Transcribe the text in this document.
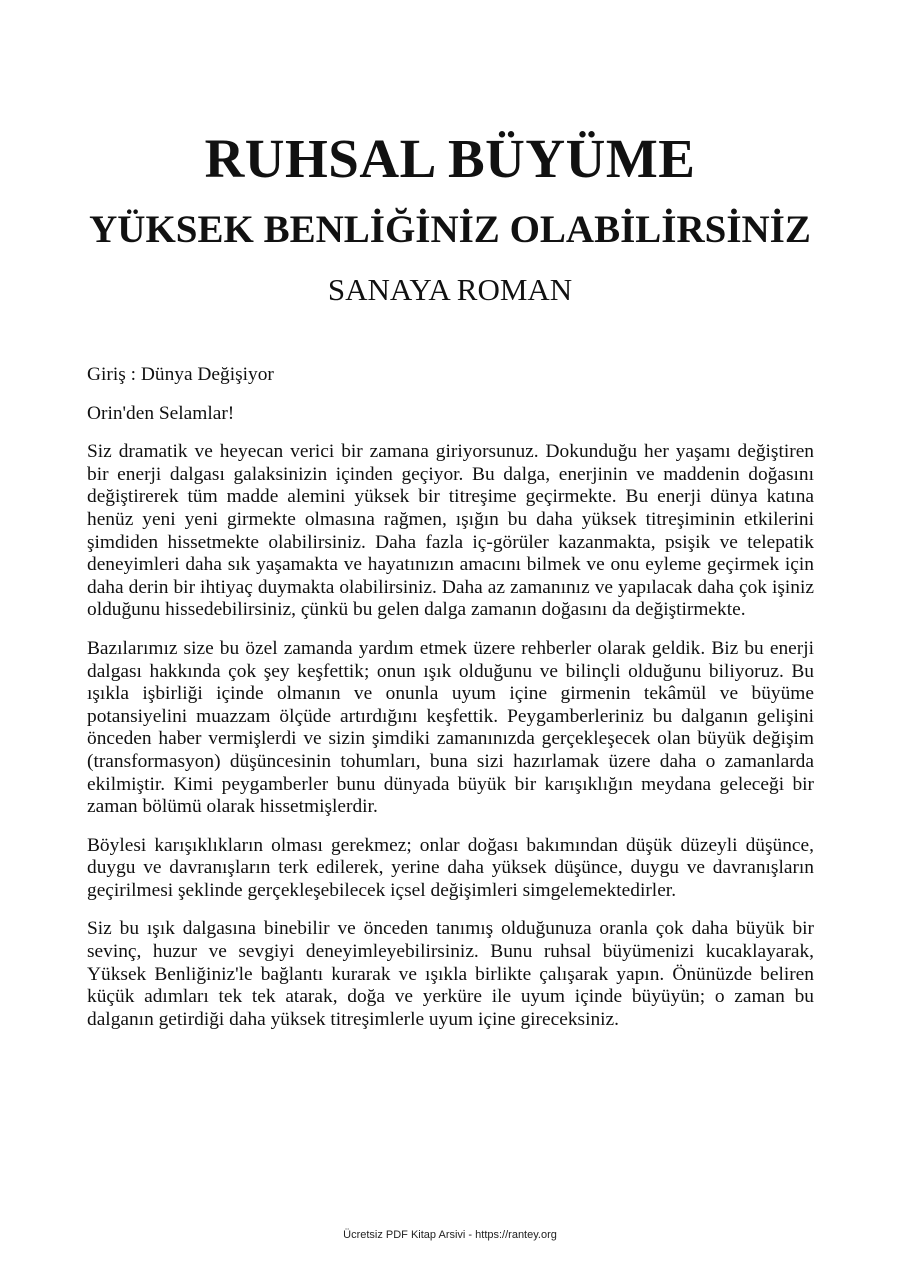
RUHSAL BÜYÜME
YÜKSEK BENLİĞİNİZ OLABİLİRSİNİZ
SANAYA ROMAN

Giriş : Dünya Değişiyor

Orin'den Selamlar!

Siz dramatik ve heyecan verici bir zamana giriyorsunuz. Dokunduğu her yaşamı değiştiren bir enerji dalgası galaksinizin içinden geçiyor. Bu dalga, enerjinin ve maddenin doğasını değiştirerek tüm madde alemini yüksek bir titreşime geçirmekte. Bu enerji dünya katına henüz yeni yeni girmekte olmasına rağmen, ışığın bu daha yüksek titreşiminin etkilerini şimdiden hissetmekte olabilirsiniz. Daha fazla iç-görüler kazanmakta, psişik ve telepatik deneyimleri daha sık yaşamakta ve hayatınızın amacını bilmek ve onu eyleme geçirmek için daha derin bir ihtiyaç duymakta olabilirsiniz. Daha az zamanınız ve yapılacak daha çok işiniz olduğunu hissedebilirsiniz, çünkü bu gelen dalga zamanın doğasını da değiştirmekte.

Bazılarımız size bu özel zamanda yardım etmek üzere rehberler olarak geldik. Biz bu enerji dalgası hakkında çok şey keşfettik; onun ışık olduğunu ve bilinçli olduğunu biliyoruz. Bu ışıkla işbirliği içinde olmanın ve onunla uyum içine girmenin tekâmül ve büyüme potansiyelini muazzam ölçüde artırdığını keşfettik. Peygamberleriniz bu dalganın gelişini önceden haber vermişlerdi ve sizin şimdiki zamanınızda gerçekleşecek olan büyük değişim (transformasyon) düşüncesinin tohumları, buna sizi hazırlamak üzere daha o zamanlarda ekilmiştir. Kimi peygamberler bunu dünyada büyük bir karışıklığın meydana geleceği bir zaman bölümü olarak hissetmişlerdir.

Böylesi karışıklıkların olması gerekmez; onlar doğası bakımından düşük düzeyli düşünce, duygu ve davranışların terk edilerek, yerine daha yüksek düşünce, duygu ve davranışların geçirilmesi şeklinde gerçekleşebilecek içsel değişimleri simgelemektedirler.

Siz bu ışık dalgasına binebilir ve önceden tanımış olduğunuza oranla çok daha büyük bir sevinç, huzur ve sevgiyi deneyimleyebilirsiniz. Bunu ruhsal büyümenizi kucaklayarak, Yüksek Benliğiniz'le bağlantı kurarak ve ışıkla birlikte çalışarak yapın. Önünüzde beliren küçük adımları tek tek atarak, doğa ve yerküre ile uyum içinde büyüyün; o zaman bu dalganın getirdiği daha yüksek titreşimlerle uyum içine gireceksiniz.

Ücretsiz PDF Kitap Arsivi - https://rantey.org
